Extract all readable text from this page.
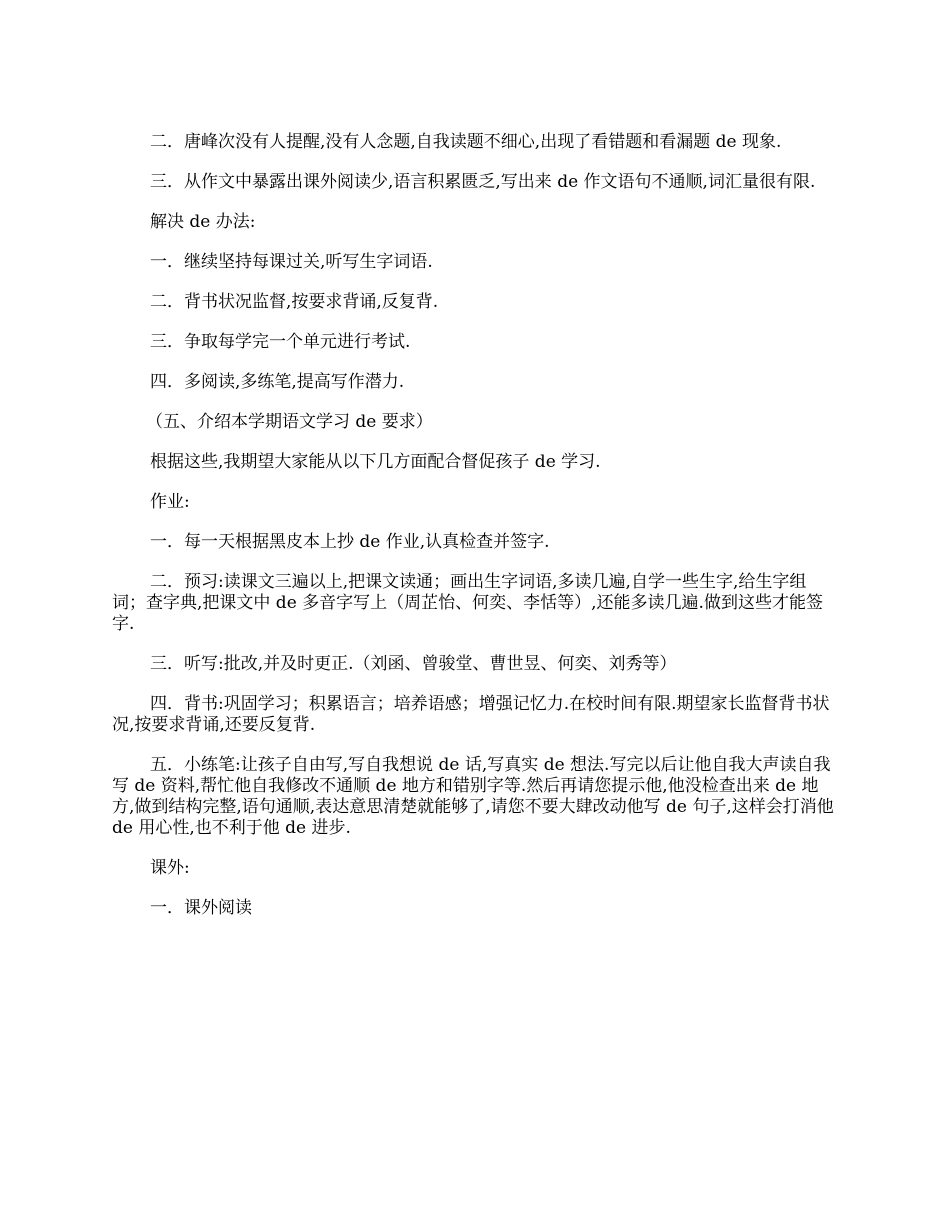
二．唐峰次没有人提醒,没有人念题,自我读题不细心,出现了看错题和看漏题 de 现象.

三．从作文中暴露出课外阅读少,语言积累匮乏,写出来 de 作文语句不通顺,词汇量很有限.

解决 de 办法:

一．继续坚持每课过关,听写生字词语.

二．背书状况监督,按要求背诵,反复背.

三．争取每学完一个单元进行考试.

四．多阅读,多练笔,提高写作潜力.

（五、介绍本学期语文学习 de 要求）

根据这些,我期望大家能从以下几方面配合督促孩子 de 学习.

作业:

一．每一天根据黑皮本上抄 de 作业,认真检查并签字.

二．预习:读课文三遍以上,把课文读通；画出生字词语,多读几遍,自学一些生字,给生字组词；查字典,把课文中 de 多音字写上（周芷怡、何奕、李恬等）,还能多读几遍.做到这些才能签字.

三．听写:批改,并及时更正.（刘函、曾骏堂、曹世昱、何奕、刘秀等）

四．背书:巩固学习；积累语言；培养语感；增强记忆力.在校时间有限.期望家长监督背书状况,按要求背诵,还要反复背.

五．小练笔:让孩子自由写,写自我想说 de 话,写真实 de 想法.写完以后让他自我大声读自我写 de 资料,帮忙他自我修改不通顺 de 地方和错别字等.然后再请您提示他,他没检查出来 de 地方,做到结构完整,语句通顺,表达意思清楚就能够了,请您不要大肆改动他写 de 句子,这样会打消他 de 用心性,也不利于他 de 进步.

课外:

一．课外阅读
